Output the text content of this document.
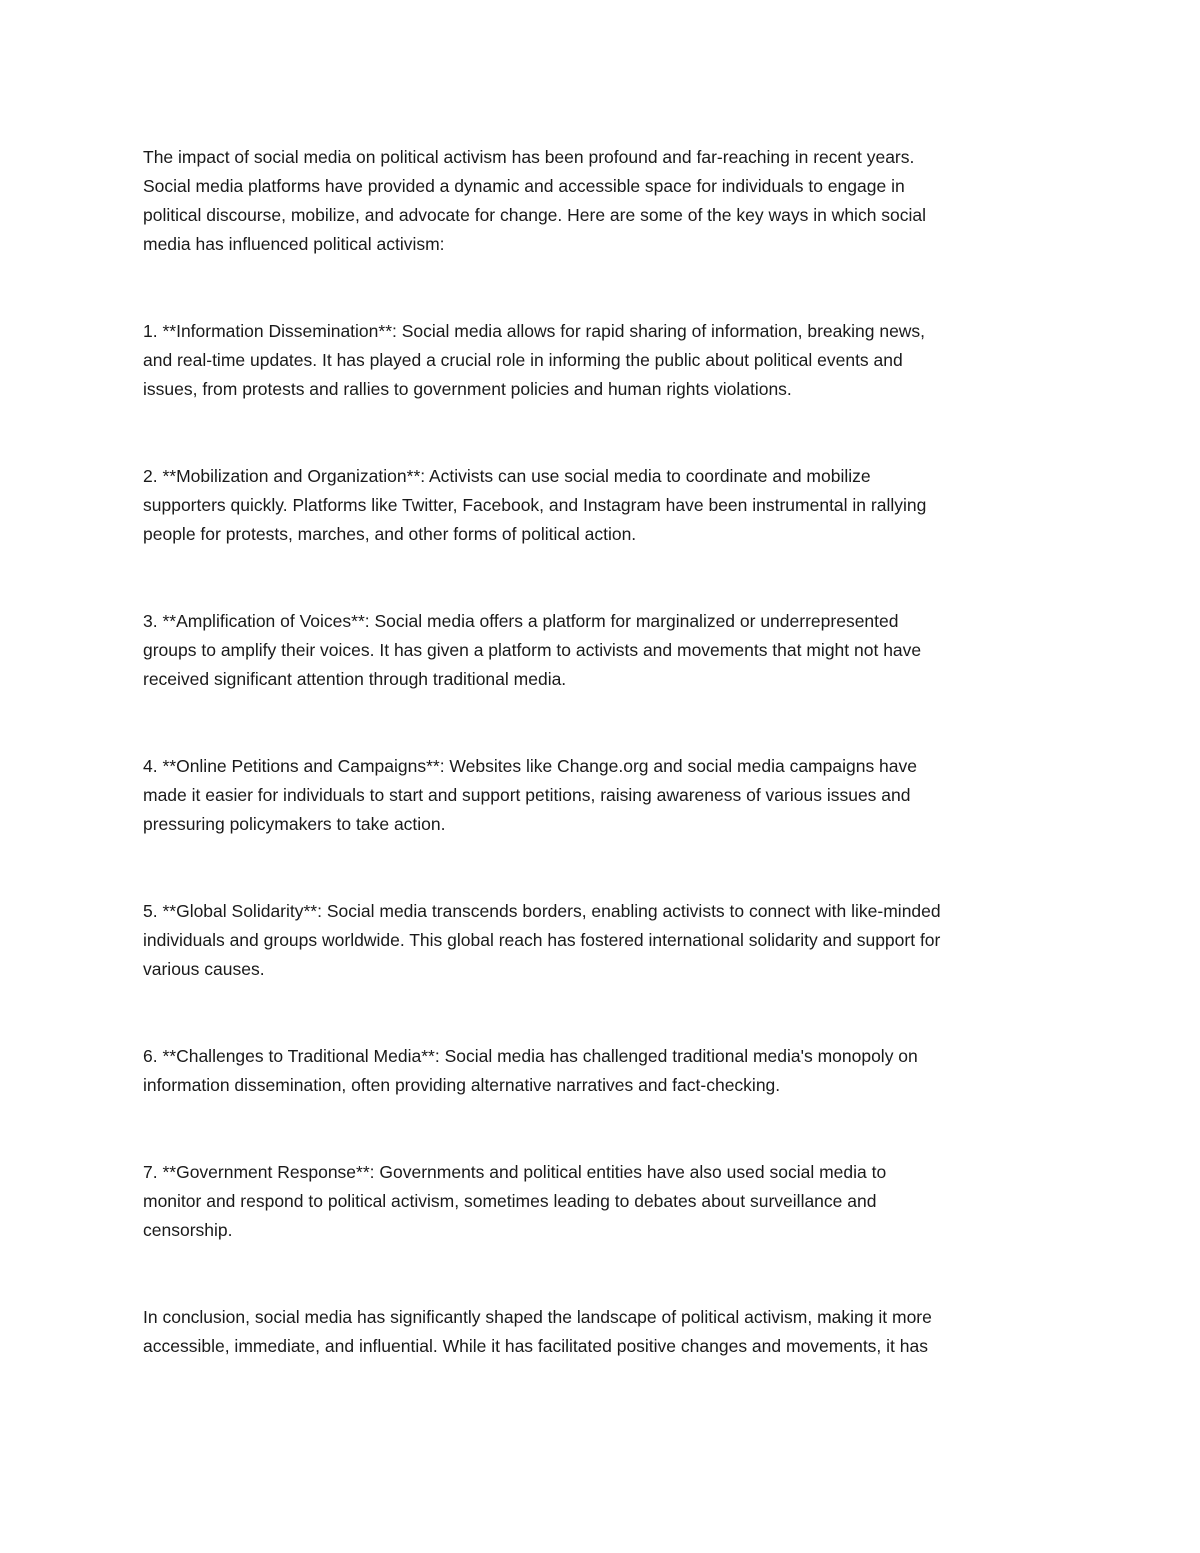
The impact of social media on political activism has been profound and far-reaching in recent years.
Social media platforms have provided a dynamic and accessible space for individuals to engage in
political discourse, mobilize, and advocate for change. Here are some of the key ways in which social
media has influenced political activism:

1. **Information Dissemination**: Social media allows for rapid sharing of information, breaking news,
and real-time updates. It has played a crucial role in informing the public about political events and
issues, from protests and rallies to government policies and human rights violations.

2. **Mobilization and Organization**: Activists can use social media to coordinate and mobilize
supporters quickly. Platforms like Twitter, Facebook, and Instagram have been instrumental in rallying
people for protests, marches, and other forms of political action.

3. **Amplification of Voices**: Social media offers a platform for marginalized or underrepresented
groups to amplify their voices. It has given a platform to activists and movements that might not have
received significant attention through traditional media.

4. **Online Petitions and Campaigns**: Websites like Change.org and social media campaigns have
made it easier for individuals to start and support petitions, raising awareness of various issues and
pressuring policymakers to take action.

5. **Global Solidarity**: Social media transcends borders, enabling activists to connect with like-minded
individuals and groups worldwide. This global reach has fostered international solidarity and support for
various causes.

6. **Challenges to Traditional Media**: Social media has challenged traditional media's monopoly on
information dissemination, often providing alternative narratives and fact-checking.

7. **Government Response**: Governments and political entities have also used social media to
monitor and respond to political activism, sometimes leading to debates about surveillance and
censorship.

In conclusion, social media has significantly shaped the landscape of political activism, making it more
accessible, immediate, and influential. While it has facilitated positive changes and movements, it has
